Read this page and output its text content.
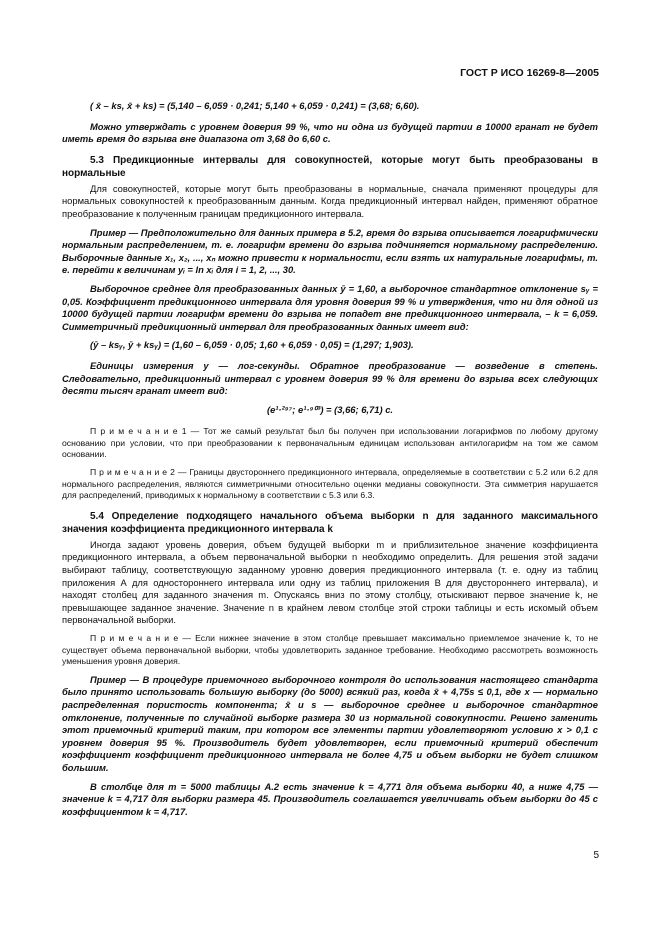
ГОСТ Р ИСО 16269-8—2005

( x̄ – ks, x̄ + ks) = (5,140 – 6,059 · 0,241; 5,140 + 6,059 · 0,241) = (3,68; 6,60).

Можно утверждать с уровнем доверия 99 %, что ни одна из будущей партии в 10000 гранат не будет иметь время до взрыва вне диапазона от 3,68 до 6,60 с.

5.3 Предикционные интервалы для совокупностей, которые могут быть преобразованы в нормальные

Для совокупностей, которые могут быть преобразованы в нормальные, сначала применяют процедуры для нормальных совокупностей к преобразованным данным. Когда предикционный интервал найден, применяют обратное преобразование к полученным границам предикционного интервала.

Пример — Предположительно для данных примера в 5.2, время до взрыва описывается логарифмически нормальным распределением, т. е. логарифм времени до взрыва подчиняется нормальному распределению. Выборочные данные x₁, x₂, ..., xₙ можно привести к нормальности, если взять их натуральные логарифмы, т. е. перейти к величинам yᵢ = ln xᵢ для i = 1, 2, ..., 30.

Выборочное среднее для преобразованных данных ȳ = 1,60, а выборочное стандартное отклонение sᵧ = 0,05. Коэффициент предикционного интервала для уровня доверия 99 % и утверждения, что ни для одной из 10000 будущей партии логарифм времени до взрыва не попадет вне предикционного интервала, – k = 6,059. Симметричный предикционный интервал для преобразованных данных имеет вид:

(ȳ – ksᵧ, ȳ + ksᵧ) = (1,60 – 6,059 · 0,05; 1,60 + 6,059 · 0,05) = (1,297; 1,903).

Единицы измерения y — лог-секунды. Обратное преобразование — возведение в степень. Следовательно, предикционный интервал с уровнем доверия 99 % для времени до взрыва всех следующих десяти тысяч гранат имеет вид:

(e¹·²⁹⁷; e¹·⁹⁰³) = (3,66; 6,71) с.

П р и м е ч а н и е 1 — Тот же самый результат был бы получен при использовании логарифмов по любому другому основанию при условии, что при преобразовании к первоначальным единицам использован антилогарифм на том же самом основании.

П р и м е ч а н и е 2 — Границы двустороннего предикционного интервала, определяемые в соответствии с 5.2 или 6.2 для нормального распределения, являются симметричными относительно оценки медианы совокупности. Эта симметрия нарушается для распределений, приводимых к нормальному в соответствии с 5.3 или 6.3.

5.4 Определение подходящего начального объема выборки n для заданного максимального значения коэффициента предикционного интервала k

Иногда задают уровень доверия, объем будущей выборки m и приблизительное значение коэффициента предикционного интервала, а объем первоначальной выборки n необходимо определить. Для решения этой задачи выбирают таблицу, соответствующую заданному уровню доверия предикционного интервала (т. е. одну из таблиц приложения А для одностороннего интервала или одну из таблиц приложения В для двустороннего интервала), и находят столбец для заданного значения m. Опускаясь вниз по этому столбцу, отыскивают первое значение k, не превышающее заданное значение. Значение n в крайнем левом столбце этой строки таблицы и есть искомый объем первоначальной выборки.

П р и м е ч а н и е — Если нижнее значение в этом столбце превышает максимально приемлемое значение k, то не существует объема первоначальной выборки, чтобы удовлетворить заданное требование. Необходимо рассмотреть возможность уменьшения уровня доверия.

Пример — В процедуре приемочного выборочного контроля до использования настоящего стандарта было принято использовать большую выборку (до 5000) всякий раз, когда x̄ + 4,75s ≤ 0,1, где x — нормально распределенная пористость компонента; x̄ и s — выборочное среднее и выборочное стандартное отклонение, полученные по случайной выборке размера 30 из нормальной совокупности. Решено заменить этот приемочный критерий таким, при котором все элементы партии удовлетворяют условию x > 0,1 с уровнем доверия 95 %. Производитель будет удовлетворен, если приемочный критерий обеспечит коэффициент коэффициент предикционного интервала не более 4,75 и объем выборки не будет слишком большим.

В столбце для m = 5000 таблицы А.2 есть значение k = 4,771 для объема выборки 40, а ниже 4,75 — значение k = 4,717 для выборки размера 45. Производитель соглашается увеличивать объем выборки до 45 с коэффициентом k = 4,717.

5
